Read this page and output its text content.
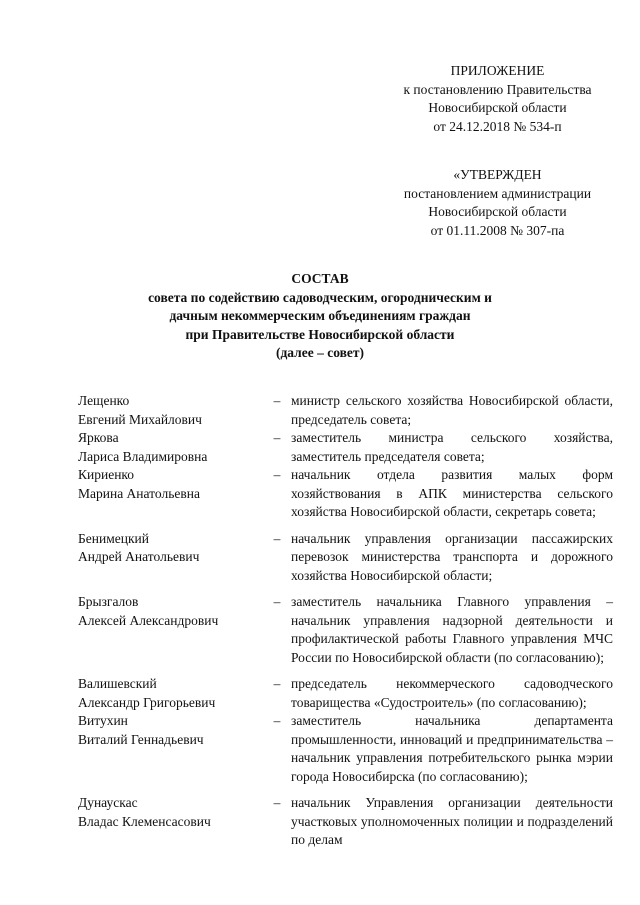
ПРИЛОЖЕНИЕ
к постановлению Правительства
Новосибирской области
от 24.12.2018 № 534-п
«УТВЕРЖДЕН
постановлением администрации
Новосибирской области
от 01.11.2008 № 307-па
СОСТАВ
совета по содействию садоводческим, огородническим и
дачным некоммерческим объединениям граждан
при Правительстве Новосибирской области
(далее – совет)
Лещенко
Евгений Михайлович
– министр сельского хозяйства Новосибирской области, председатель совета;
Яркова
Лариса Владимировна
– заместитель министра сельского хозяйства, заместитель председателя совета;
Кириенко
Марина Анатольевна
– начальник отдела развития малых форм хозяйствования в АПК министерства сельского хозяйства Новосибирской области, секретарь совета;
Бенимецкий
Андрей Анатольевич
– начальник управления организации пассажирских перевозок министерства транспорта и дорожного хозяйства Новосибирской области;
Брызгалов
Алексей Александрович
– заместитель начальника Главного управления – начальник управления надзорной деятельности и профилактической работы Главного управления МЧС России по Новосибирской области (по согласованию);
Валишевский
Александр Григорьевич
– председатель некоммерческого садоводческого товарищества «Судостроитель» (по согласованию);
Витухин
Виталий Геннадьевич
– заместитель начальника департамента промышленности, инноваций и предпринимательства – начальник управления потребительского рынка мэрии города Новосибирска (по согласованию);
Дунаускас
Владас Клеменсасович
– начальник Управления организации деятельности участковых уполномоченных полиции и подразделений по делам
